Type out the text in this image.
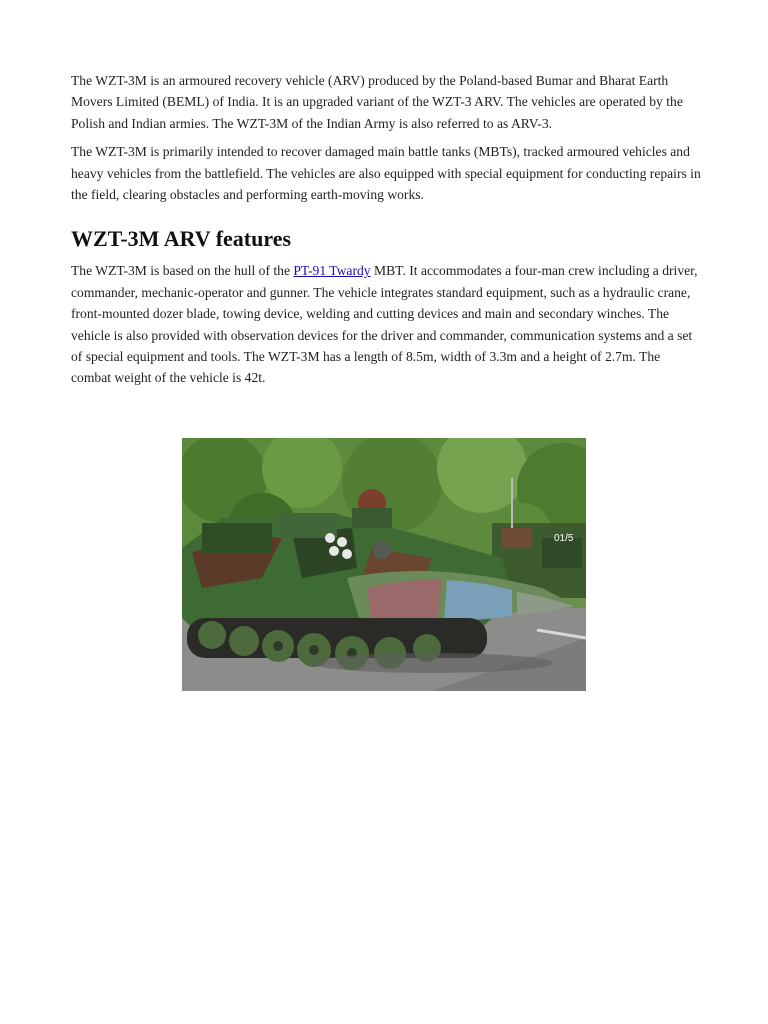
The WZT-3M is an armoured recovery vehicle (ARV) produced by the Poland-based Bumar and Bharat Earth Movers Limited (BEML) of India. It is an upgraded variant of the WZT-3 ARV. The vehicles are operated by the Polish and Indian armies. The WZT-3M of the Indian Army is also referred to as ARV-3.

The WZT-3M is primarily intended to recover damaged main battle tanks (MBTs), tracked armoured vehicles and heavy vehicles from the battlefield. The vehicles are also equipped with special equipment for conducting repairs in the field, clearing obstacles and performing earth-moving works.

WZT-3M ARV features

The WZT-3M is based on the hull of the PT-91 Twardy MBT. It accommodates a four-man crew including a driver, commander, mechanic-operator and gunner. The vehicle integrates standard equipment, such as a hydraulic crane, front-mounted dozer blade, towing device, welding and cutting devices and main and secondary winches. The vehicle is also provided with observation devices for the driver and commander, communication systems and a set of special equipment and tools. The WZT-3M has a length of 8.5m, width of 3.3m and a height of 2.7m. The combat weight of the vehicle is 42t.

01/5
